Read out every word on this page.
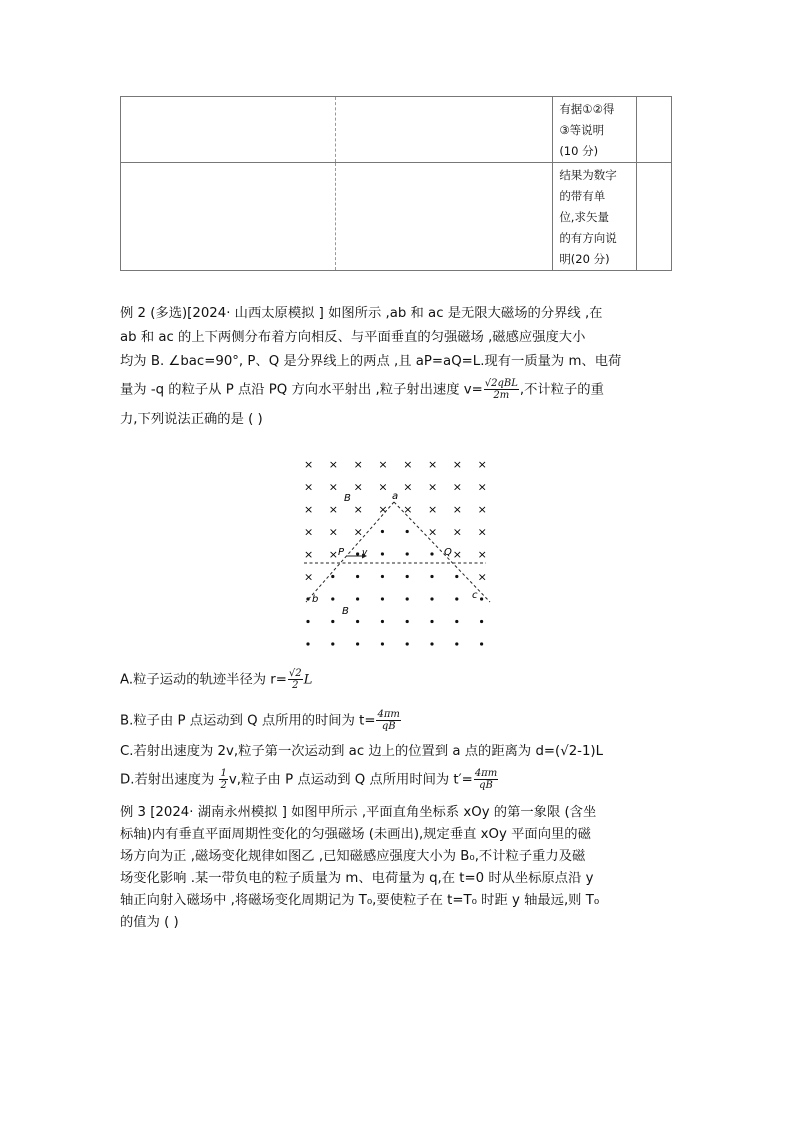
		有据①②得
③等说明
(10 分)	

		结果为数字
的带有单
位,求矢量
的有方向说
明(20 分)	

例 2 (多选)[2024· 山西太原模拟 ] 如图所示 ,ab 和 ac 是无限大磁场的分界线 ,在
ab 和 ac 的上下两侧分布着方向相反、与平面垂直的匀强磁场 ,磁感应强度大小
均为 B. ∠bac=90°, P、Q 是分界线上的两点 ,且 aP=aQ=L.现有一质量为 m、电荷
量为 -q 的粒子从 P 点沿 PQ 方向水平射出 ,粒子射出速度 $v= \frac{\text{√2qBL}}{2m}$ ,不计粒子的重
力,下列说法正确的是 ( )
× × × × × × × ×
× × × × × × × ×
× × × × × × × ×
× × ×	× × ×
× ×	× ×
×	×
a
b	c
P	Q
v
B
B
A.粒子运动的轨迹半径为 $r= \frac{√2}{2}$ L
B.粒子由 P 点运动到 Q 点所用的时间为 $t= \frac{4\pi m}{qB}$
C.若射出速度为 2v,粒子第一次运动到 ac 边上的位置到 a 点的距离为 d=(√2-1)L
D.若射出速度为 $\frac{1}{2} v$,粒子由 P 点运动到 Q 点所用时间为 $t'= \frac{4\pi m}{qB}$
例 3 [2024· 湖南永州模拟 ] 如图甲所示 ,平面直角坐标系 xOy 的第一象限 (含坐
标轴)内有垂直平面周期性变化的匀强磁场 (未画出),规定垂直 xOy 平面向里的磁
场方向为正 ,磁场变化规律如图乙 ,已知磁感应强度大小为 B₀,不计粒子重力及磁
场变化影响 .某一带负电的粒子质量为 m、电荷量为 q,在 t=0 时从坐标原点沿 y
轴正向射入磁场中 ,将磁场变化周期记为 T₀,要使粒子在 t=T₀ 时距 y 轴最远,则 T₀
的值为 ( )
